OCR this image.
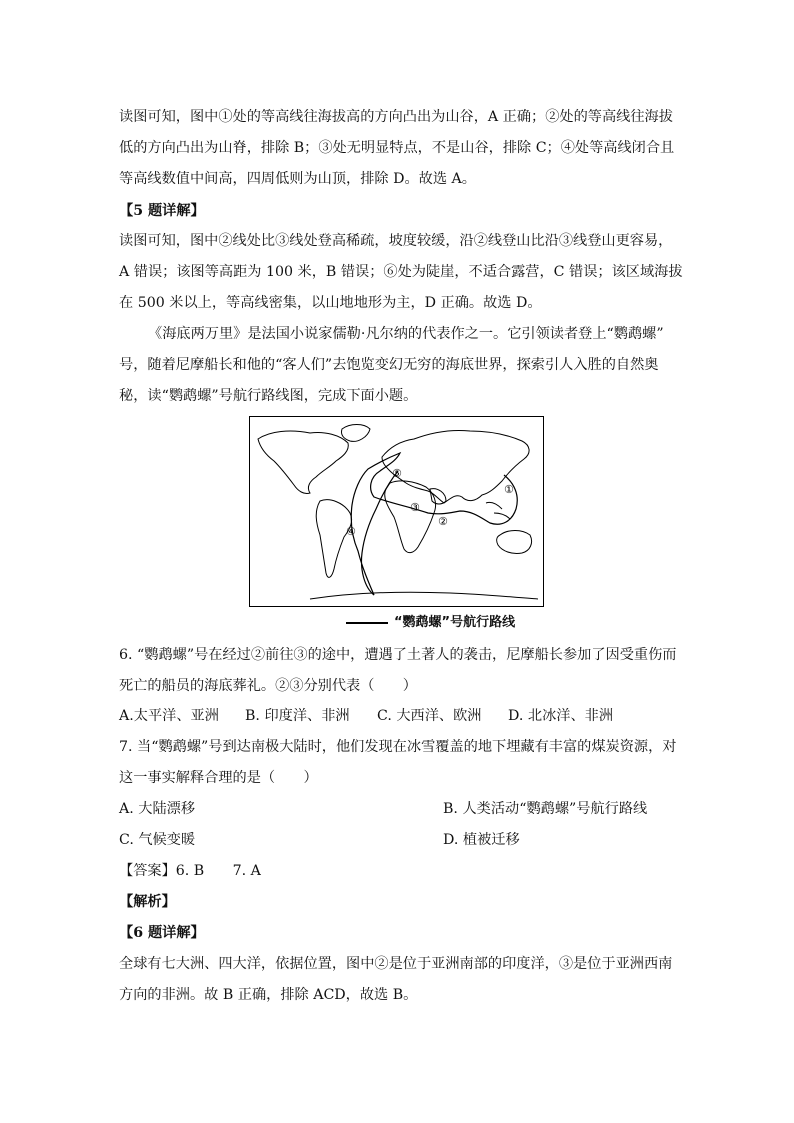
读图可知，图中①处的等高线往海拔高的方向凸出为山谷，A 正确；②处的等高线往海拔
低的方向凸出为山脊，排除 B；③处无明显特点，不是山谷，排除 C；④处等高线闭合且
等高线数值中间高，四周低则为山顶，排除 D。故选 A。
【5 题详解】
读图可知，图中②线处比③线处登高稀疏，坡度较缓，沿②线登山比沿③线登山更容易，
A 错误；该图等高距为 100 米，B 错误；⑥处为陡崖，不适合露营，C 错误；该区域海拔
在 500 米以上，等高线密集，以山地地形为主，D 正确。故选 D。
《海底两万里》是法国小说家儒勒·凡尔纳的代表作之一。它引领读者登上“鹦鹉螺”
号，随着尼摩船长和他的“客人们”去饱览变幻无穷的海底世界，探索引人入胜的自然奥
秘，读“鹦鹉螺”号航行路线图，完成下面小题。
①
②
③
④
⑤
“鹦鹉螺”号航行路线
6. “鹦鹉螺”号在经过②前往③的途中，遭遇了土著人的袭击，尼摩船长参加了因受重伤而
死亡的船员的海底葬礼。②③分别代表（　　）
A.太平洋、亚洲 B. 印度洋、非洲 C. 大西洋、欧洲 D. 北冰洋、非洲
7. 当“鹦鹉螺”号到达南极大陆时，他们发现在冰雪覆盖的地下埋藏有丰富的煤炭资源，对
这一事实解释合理的是（　　）
A. 大陆漂移	B. 人类活动“鹦鹉螺”号航行路线
C. 气候变暖	D. 植被迁移
【答案】6. B　　7. A
【解析】
【6 题详解】
全球有七大洲、四大洋，依据位置，图中②是位于亚洲南部的印度洋，③是位于亚洲西南
方向的非洲。故 B 正确，排除 ACD，故选 B。
